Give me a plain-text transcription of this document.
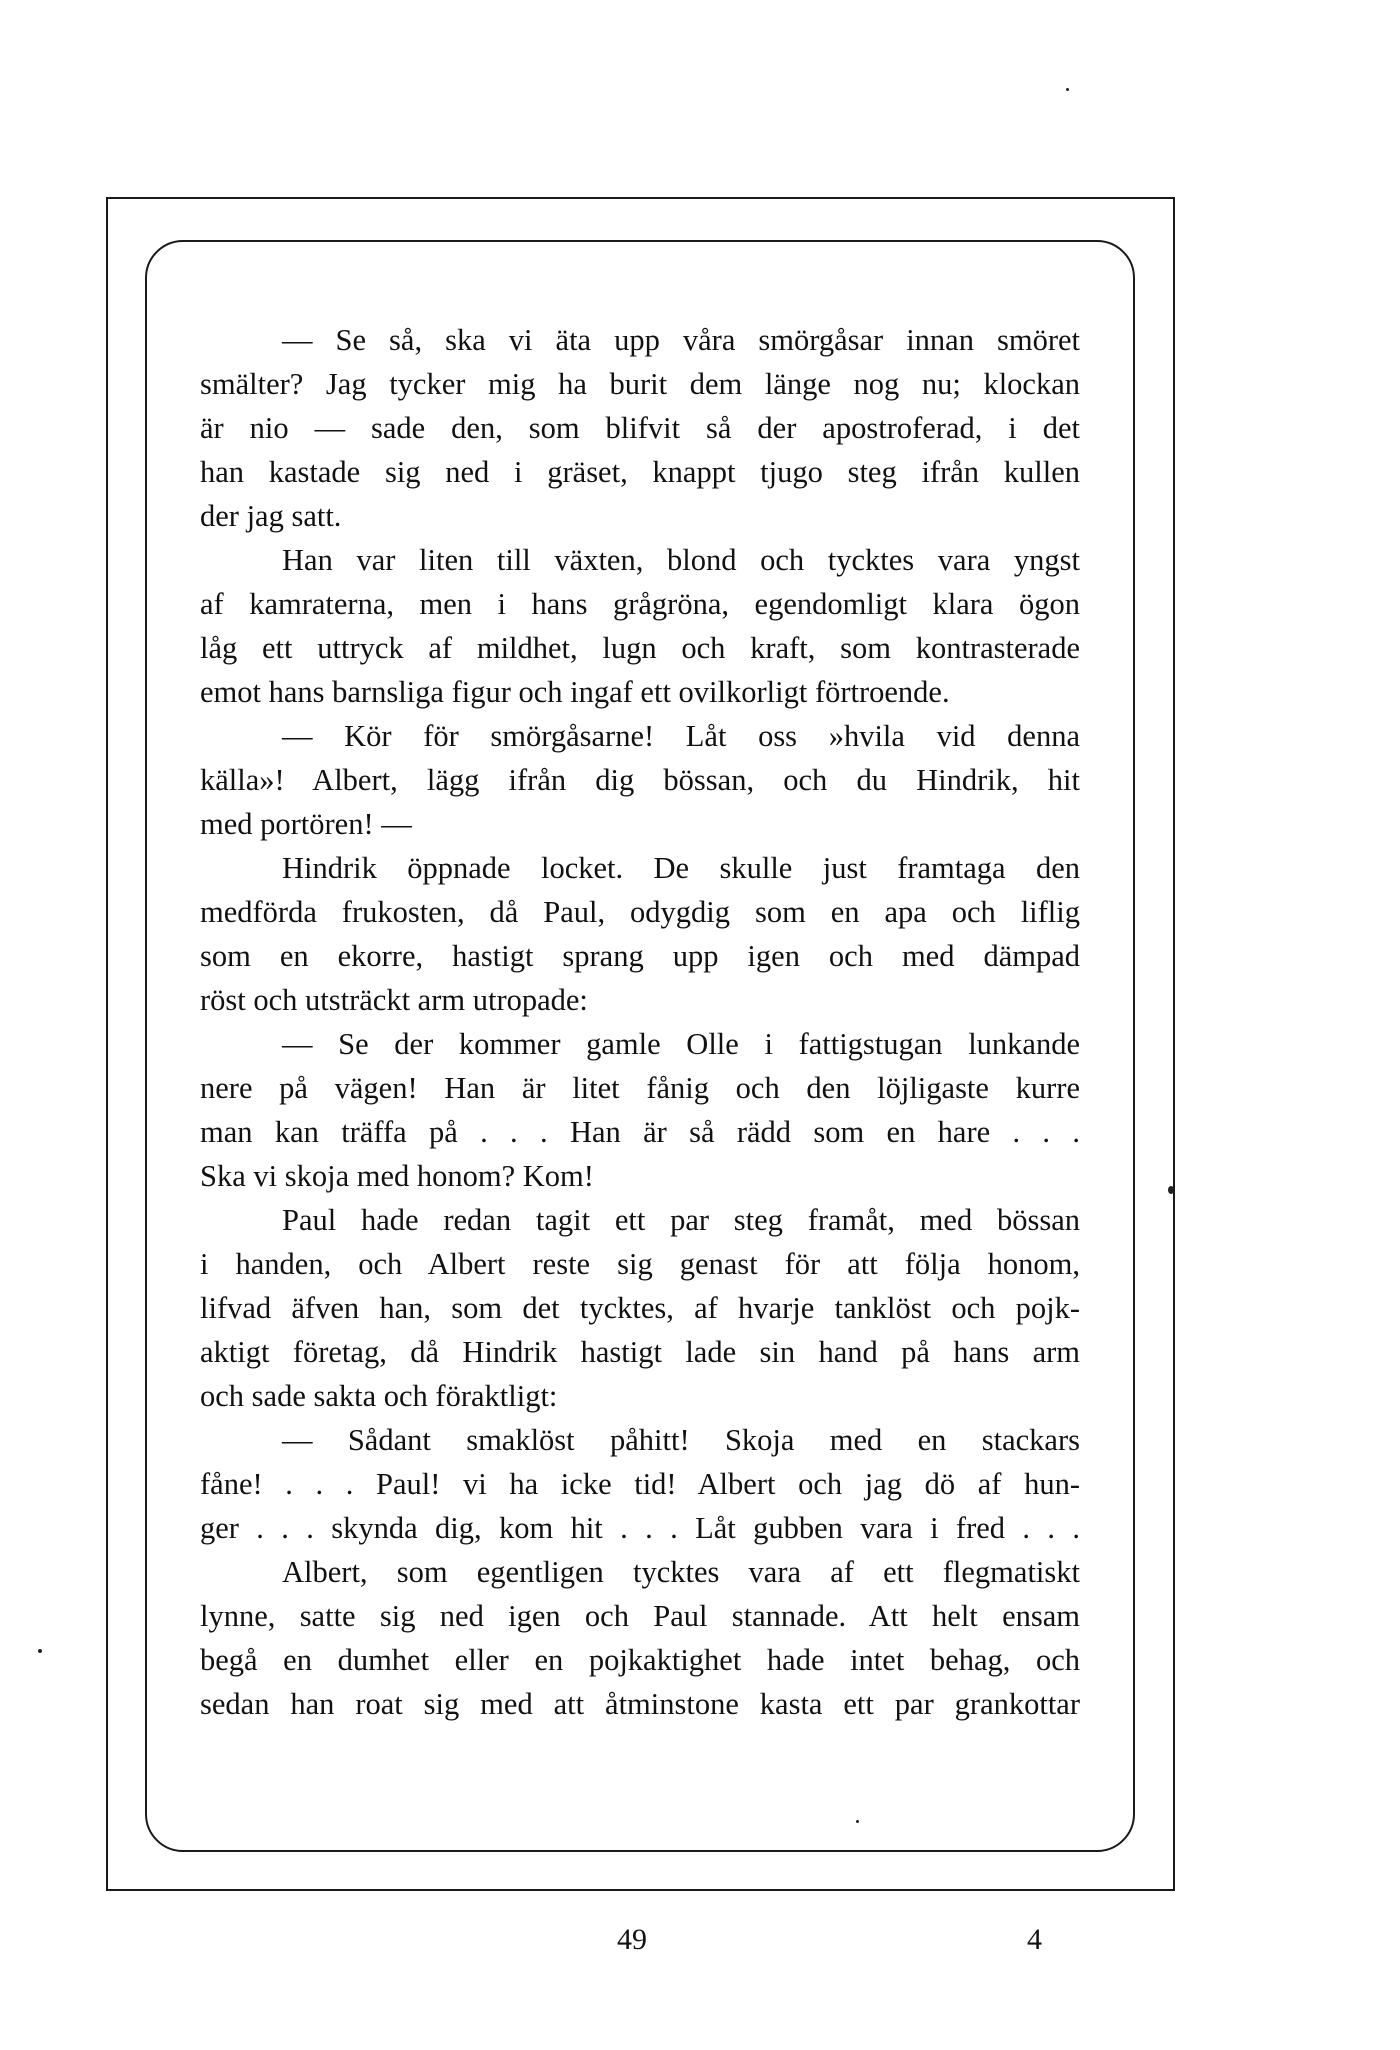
— Se så, ska vi äta upp våra smörgåsar innan smöret
smälter? Jag tycker mig ha burit dem länge nog nu; klockan
är nio — sade den, som blifvit så der apostroferad, i det
han kastade sig ned i gräset, knappt tjugo steg ifrån kullen
der jag satt.
Han var liten till växten, blond och tycktes vara yngst
af kamraterna, men i hans grågröna, egendomligt klara ögon
låg ett uttryck af mildhet, lugn och kraft, som kontrasterade
emot hans barnsliga figur och ingaf ett ovilkorligt förtroende.
— Kör för smörgåsarne! Låt oss »hvila vid denna
källa»! Albert, lägg ifrån dig bössan, och du Hindrik, hit
med portören! —
Hindrik öppnade locket. De skulle just framtaga den
medförda frukosten, då Paul, odygdig som en apa och liflig
som en ekorre, hastigt sprang upp igen och med dämpad
röst och utsträckt arm utropade:
— Se der kommer gamle Olle i fattigstugan lunkande
nere på vägen! Han är litet fånig och den löjligaste kurre
man kan träffa på . . . Han är så rädd som en hare . . .
Ska vi skoja med honom? Kom!
Paul hade redan tagit ett par steg framåt, med bössan
i handen, och Albert reste sig genast för att följa honom,
lifvad äfven han, som det tycktes, af hvarje tanklöst och pojk-
aktigt företag, då Hindrik hastigt lade sin hand på hans arm
och sade sakta och föraktligt:
— Sådant smaklöst påhitt! Skoja med en stackars
fåne! . . . Paul! vi ha icke tid! Albert och jag dö af hun-
ger . . . skynda dig, kom hit . . . Låt gubben vara i fred . . .
Albert, som egentligen tycktes vara af ett flegmatiskt
lynne, satte sig ned igen och Paul stannade. Att helt ensam
begå en dumhet eller en pojkaktighet hade intet behag, och
sedan han roat sig med att åtminstone kasta ett par grankottar
49	4
